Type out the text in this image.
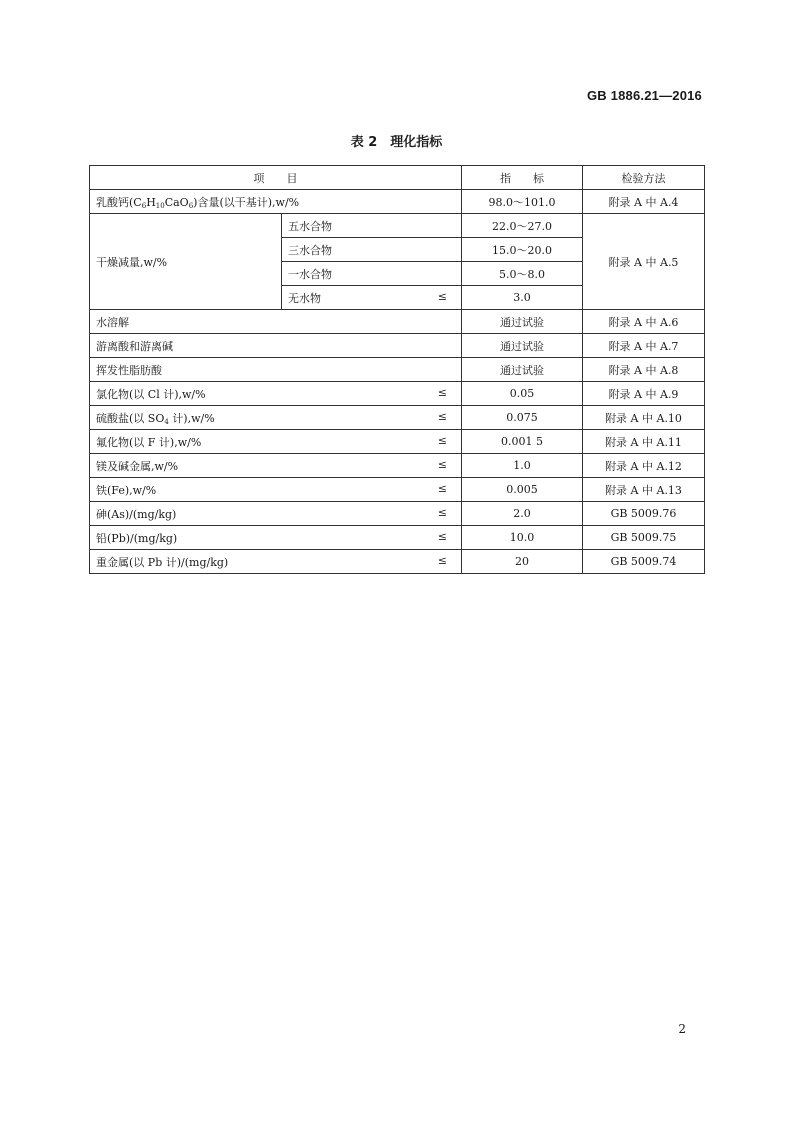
GB 1886.21—2016
表 2　理化指标
项　　目		指　　标	检验方法
乳酸钙$(C_6H_{10}CaO_6)$含量(以干基计),w/%		98.0～101.0	附录 A 中 A.4
干燥减量,w/%	五水合物	22.0～27.0	附录 A 中 A.5
	三水合物	15.0～20.0	
	一水合物	5.0～8.0	

	无水物 ≤	3.0	
水溶解		通过试验	附录 A 中 A.6
游离酸和游离碱		通过试验	附录 A 中 A.7
挥发性脂肪酸		通过试验	附录 A 中 A.8

氯化物(以 Cl 计),w/% ≤		0.05	附录 A 中 A.9

硫酸盐(以 $SO_4$ 计),w/% ≤		0.075	附录 A 中 A.10

氟化物(以 F 计),w/% ≤		0.001 5	附录 A 中 A.11

镁及碱金属,w/% ≤		1.0	附录 A 中 A.12

铁(Fe),w/% ≤		0.005	附录 A 中 A.13

砷(As)/(mg/kg) ≤		2.0	GB 5009.76

铅(Pb)/(mg/kg) ≤		10.0	GB 5009.75

重金属(以 Pb 计)/(mg/kg) ≤		20	GB 5009.74
2
